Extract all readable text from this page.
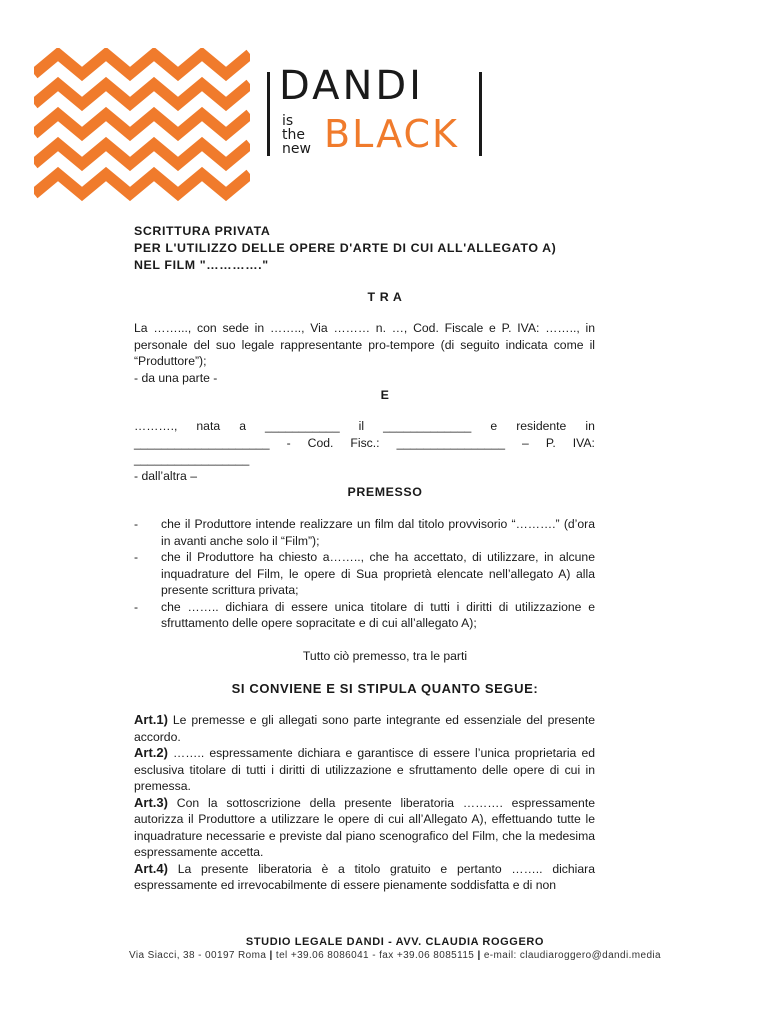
DANDI
is
the
new BLACK
SCRITTURA PRIVATA
PER L'UTILIZZO DELLE OPERE D'ARTE DI CUI ALL'ALLEGATO A)
NEL FILM "…………."
T R A
La ……..., con sede in …….., Via ……… n. …, Cod. Fiscale e P. IVA: …….., in personale del suo legale rappresentante pro-tempore (di seguito indicata come il “Produttore”);
- da una parte -
E
………., nata a ___________ il _____________ e residente in
____________________ - Cod. Fisc.: ________________ – P. IVA:
_________________
- dall’altra –
PREMESSO
- che il Produttore intende realizzare un film dal titolo provvisorio “……….” (d’ora in avanti anche solo il “Film”);
- che il Produttore ha chiesto a…….., che ha accettato, di utilizzare, in alcune inquadrature del Film, le opere di Sua proprietà elencate nell’allegato A) alla presente scrittura privata;
- che …….. dichiara di essere unica titolare di tutti i diritti di utilizzazione e sfruttamento delle opere sopracitate e di cui all’allegato A);
Tutto ciò premesso, tra le parti
SI CONVIENE E SI STIPULA QUANTO SEGUE:
Art.1) Le premesse e gli allegati sono parte integrante ed essenziale del presente accordo.
Art.2) …….. espressamente dichiara e garantisce di essere l’unica proprietaria ed esclusiva titolare di tutti i diritti di utilizzazione e sfruttamento delle opere di cui in premessa.
Art.3) Con la sottoscrizione della presente liberatoria ………. espressamente autorizza il Produttore a utilizzare le opere di cui all’Allegato A), effettuando tutte le inquadrature necessarie e previste dal piano scenografico del Film, che la medesima espressamente accetta.
Art.4) La presente liberatoria è a titolo gratuito e pertanto …….. dichiara espressamente ed irrevocabilmente di essere pienamente soddisfatta e di non
STUDIO LEGALE DANDI - AVV. CLAUDIA ROGGERO
Via Siacci, 38 - 00197 Roma | tel +39.06 8086041 - fax +39.06 8085115 | e-mail: claudiaroggero@dandi.media
